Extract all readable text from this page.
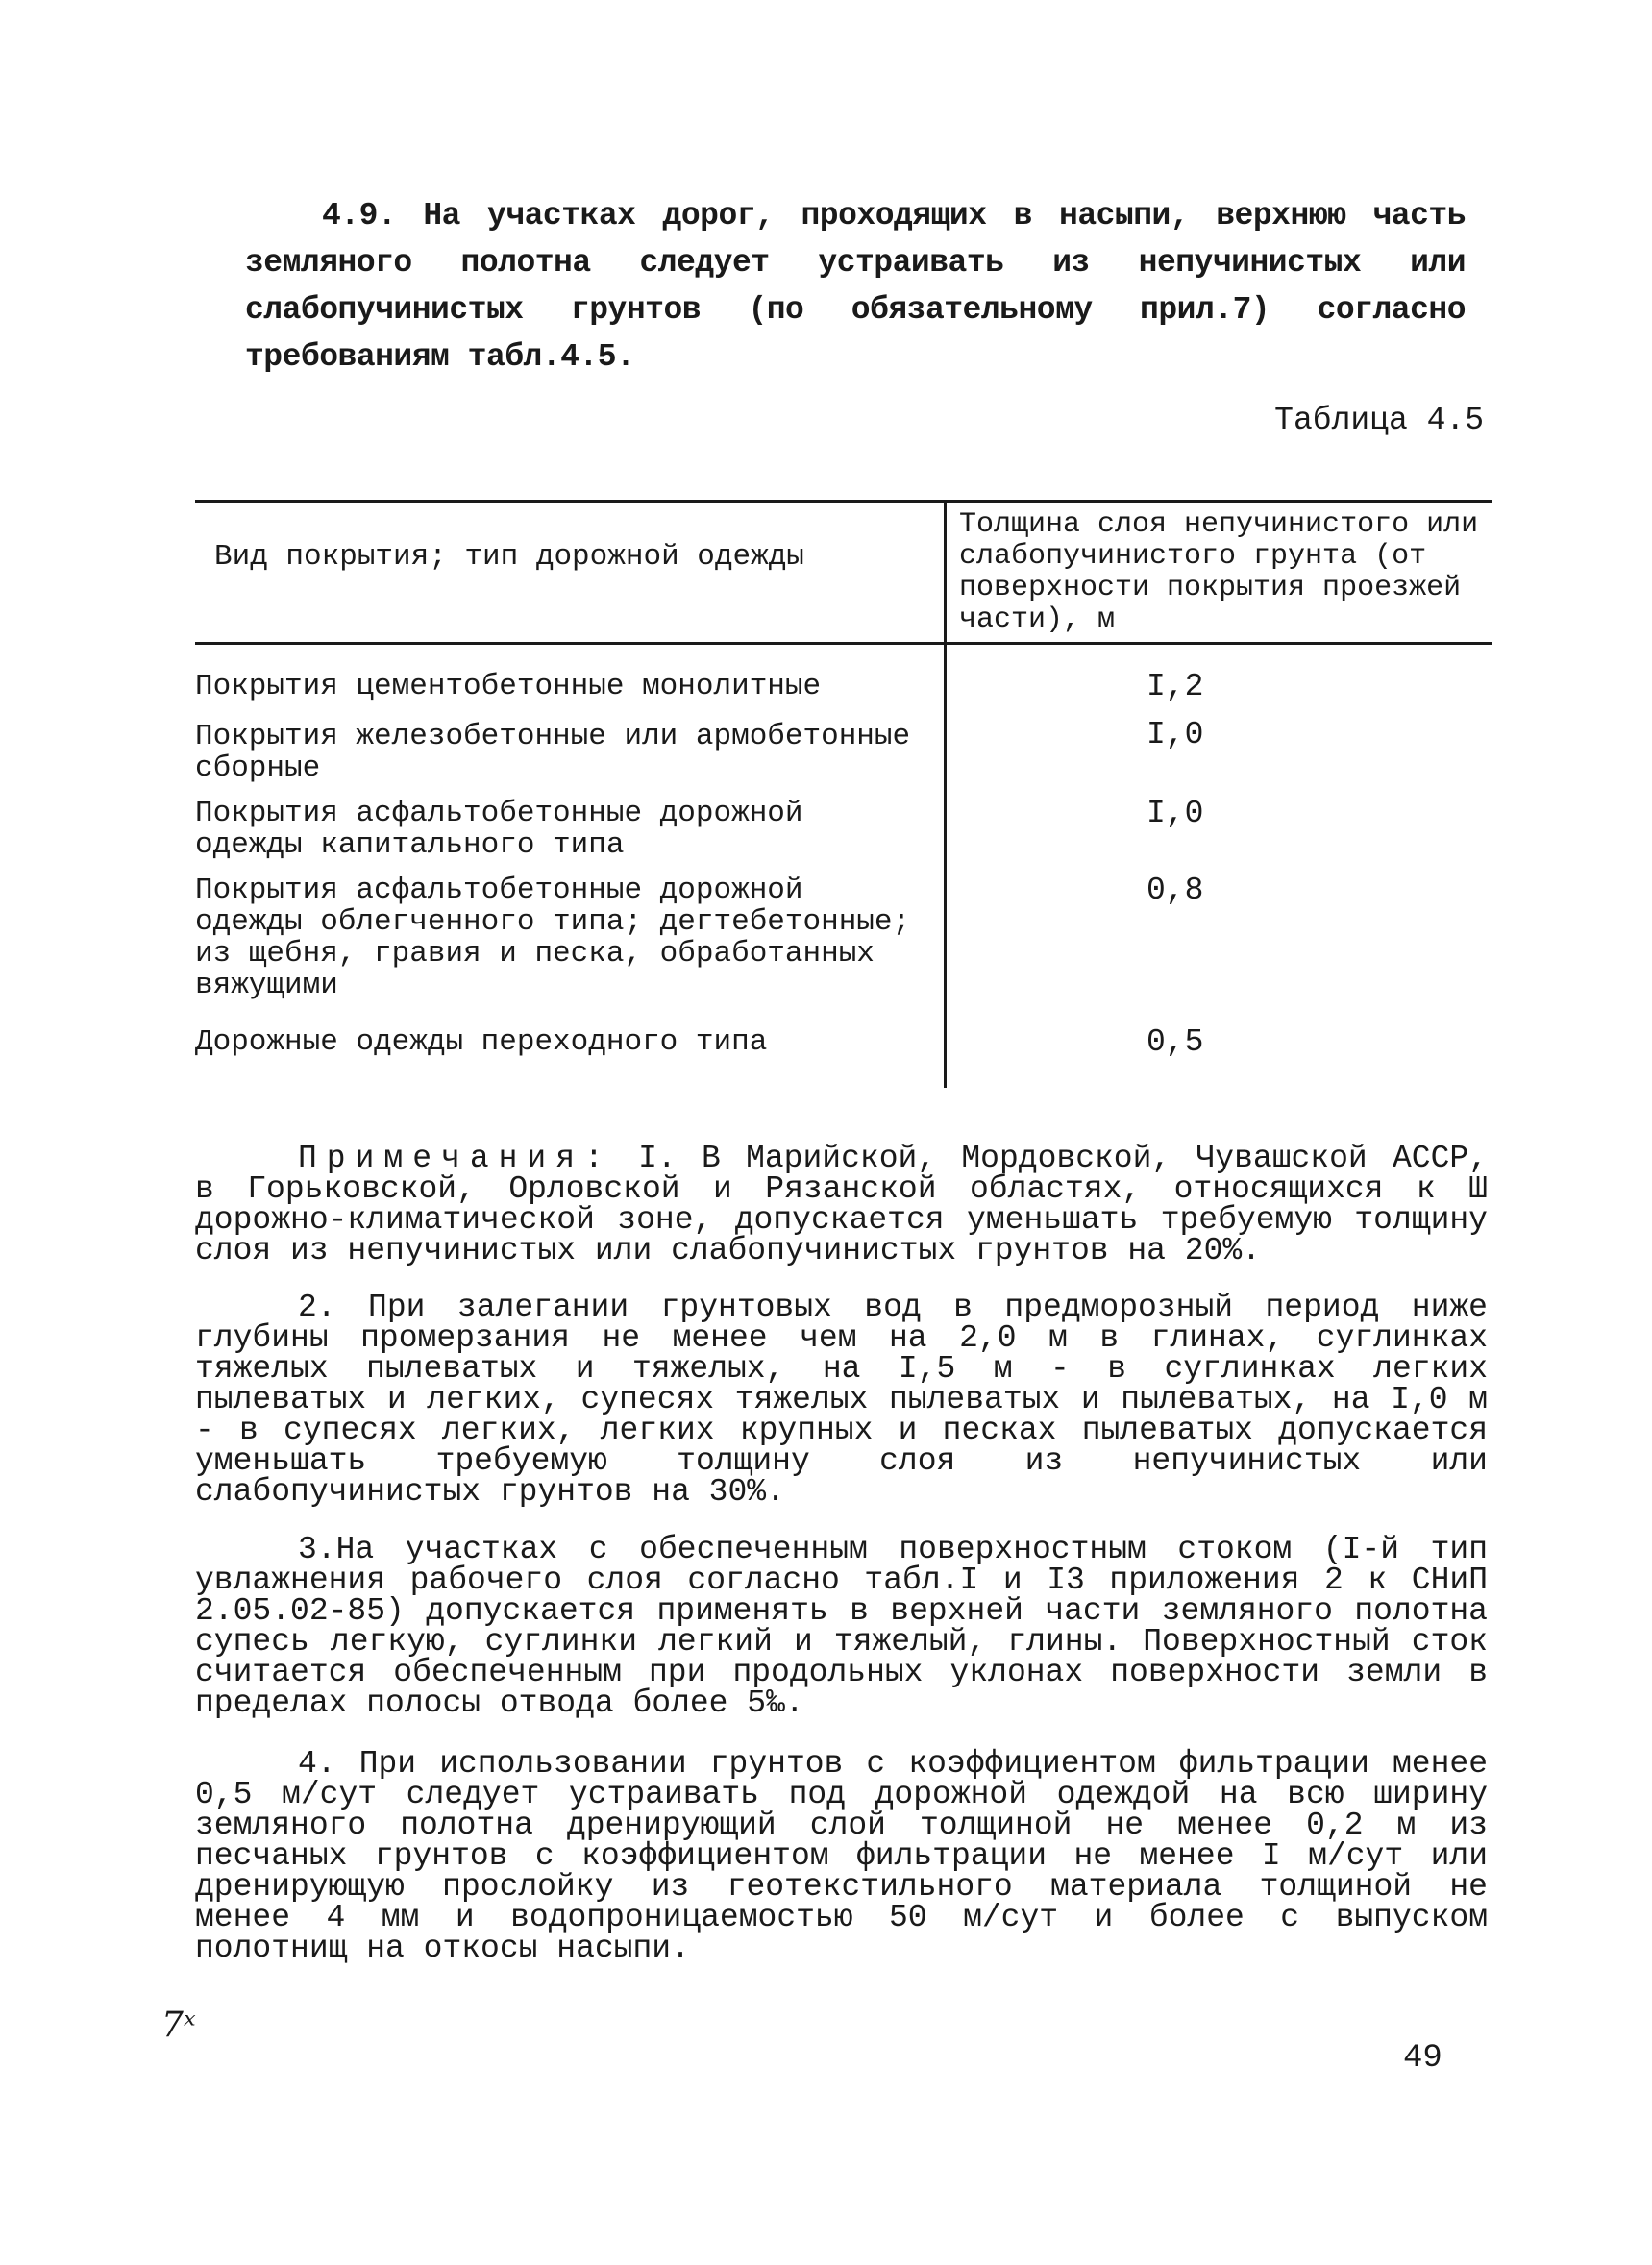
4.9. На участках дорог, проходящих в насыпи, верхнюю часть земляного полотна следует устраивать из непучинистых или слабопучинистых грунтов (по обязательному прил.7) согласно требованиям табл.4.5.

Таблица 4.5
Вид покрытия; тип дорожной одежды
Толщина слоя непучинистого или слабопучинистого грунта (от поверхности покрытия проезжей части), м
Покрытия цементобетонные монолитные	I,2
Покрытия железобетонные или армобетонные сборные
I,0
Покрытия асфальтобетонные дорожной одежды капитального типа
I,0
Покрытия асфальтобетонные дорожной одежды облегченного типа; дегтебетонные; из щебня, гравия и песка, обработанных вяжущими
0,8
Дорожные одежды переходного типа	0,5

Примечания: I. В Марийской, Мордовской, Чувашской АССР, в Горьковской, Орловской и Рязанской областях, относящихся к Ш дорожно-климатической зоне, допускается уменьшать требуемую толщину слоя из непучинистых или слабопучинистых грунтов на 20%.

2. При залегании грунтовых вод в предморозный период ниже глубины промерзания не менее чем на 2,0 м в глинах, суглинках тяжелых пылеватых и тяжелых, на I,5 м - в суглинках легких пылеватых и легких, супесях тяжелых пылеватых и пылеватых, на I,0 м - в супесях легких, легких крупных и песках пылеватых допускается уменьшать требуемую толщину слоя из непучинистых или слабопучинистых грунтов на 30%.

3.На участках с обеспеченным поверхностным стоком (I-й тип увлажнения рабочего слоя согласно табл.I и I3 приложения 2 к СНиП 2.05.02-85) допускается применять в верхней части земляного полотна супесь легкую, суглинки легкий и тяжелый, глины. Поверхностный сток считается обеспеченным при продольных уклонах поверхности земли в пределах полосы отвода более 5‰.

4. При использовании грунтов с коэффициентом фильтрации менее 0,5 м/сут следует устраивать под дорожной одеждой на всю ширину земляного полотна дренирующий слой толщиной не менее 0,2 м из песчаных грунтов с коэффициентом фильтрации не менее I м/сут или дренирующую прослойку из геотекстильного материала толщиной не менее 4 мм и водопроницаемостью 50 м/сут и более с выпуском полотнищ на откосы насыпи.

7ˣ
49
